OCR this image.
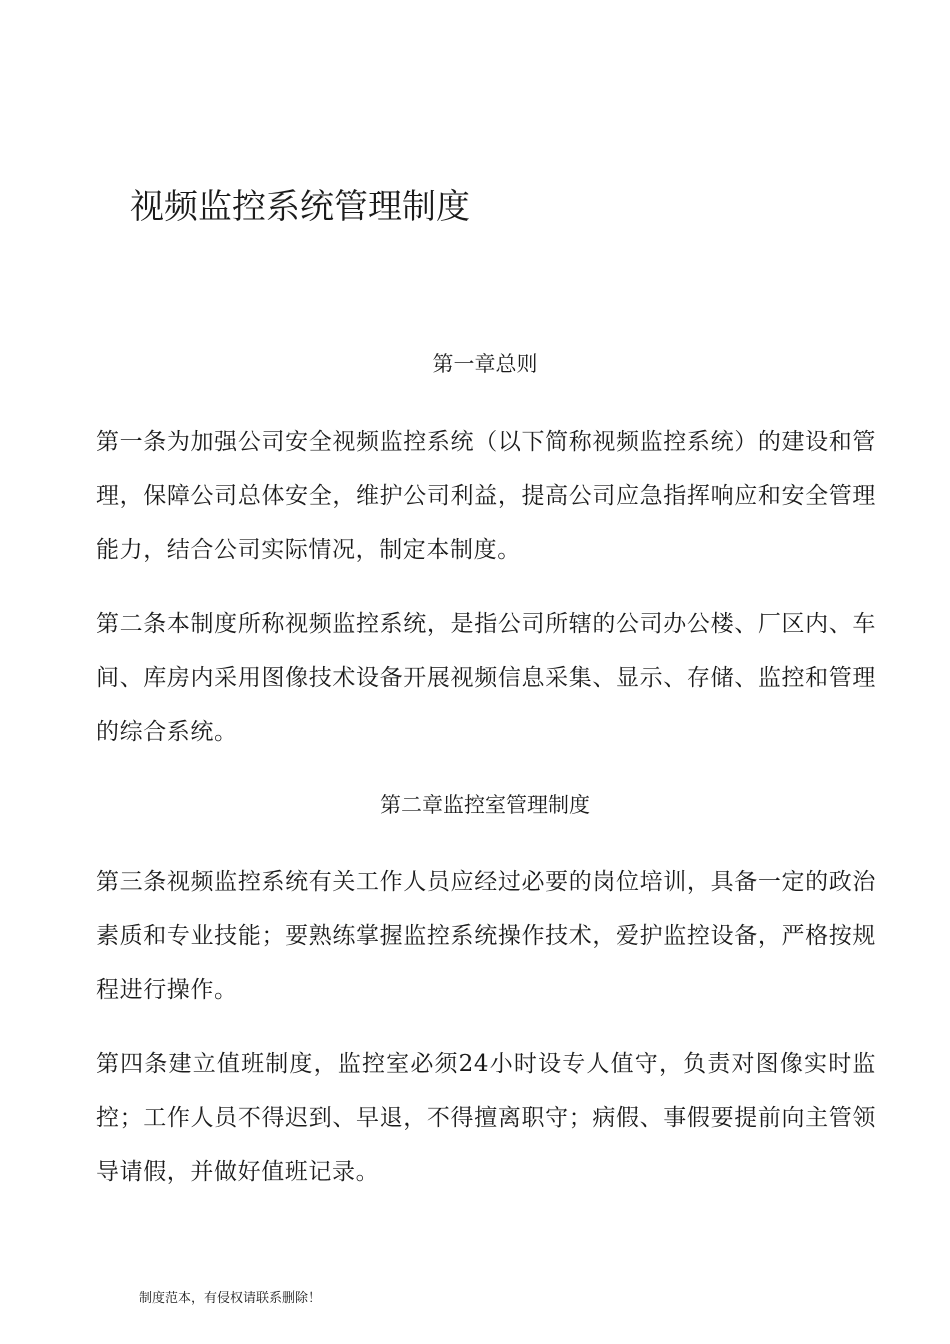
视频监控系统管理制度
第一章总则
第一条为加强公司安全视频监控系统（以下简称视频监控系统）的建设和管理，保障公司总体安全，维护公司利益，提高公司应急指挥响应和安全管理能力，结合公司实际情况，制定本制度。
第二条本制度所称视频监控系统，是指公司所辖的公司办公楼、厂区内、车间、库房内采用图像技术设备开展视频信息采集、显示、存储、监控和管理的综合系统。
第二章监控室管理制度
第三条视频监控系统有关工作人员应经过必要的岗位培训，具备一定的政治素质和专业技能；要熟练掌握监控系统操作技术，爱护监控设备，严格按规程进行操作。
第四条建立值班制度，监控室必须24小时设专人值守，负责对图像实时监控；工作人员不得迟到、早退，不得擅离职守；病假、事假要提前向主管领导请假，并做好值班记录。
制度范本，有侵权请联系删除！
